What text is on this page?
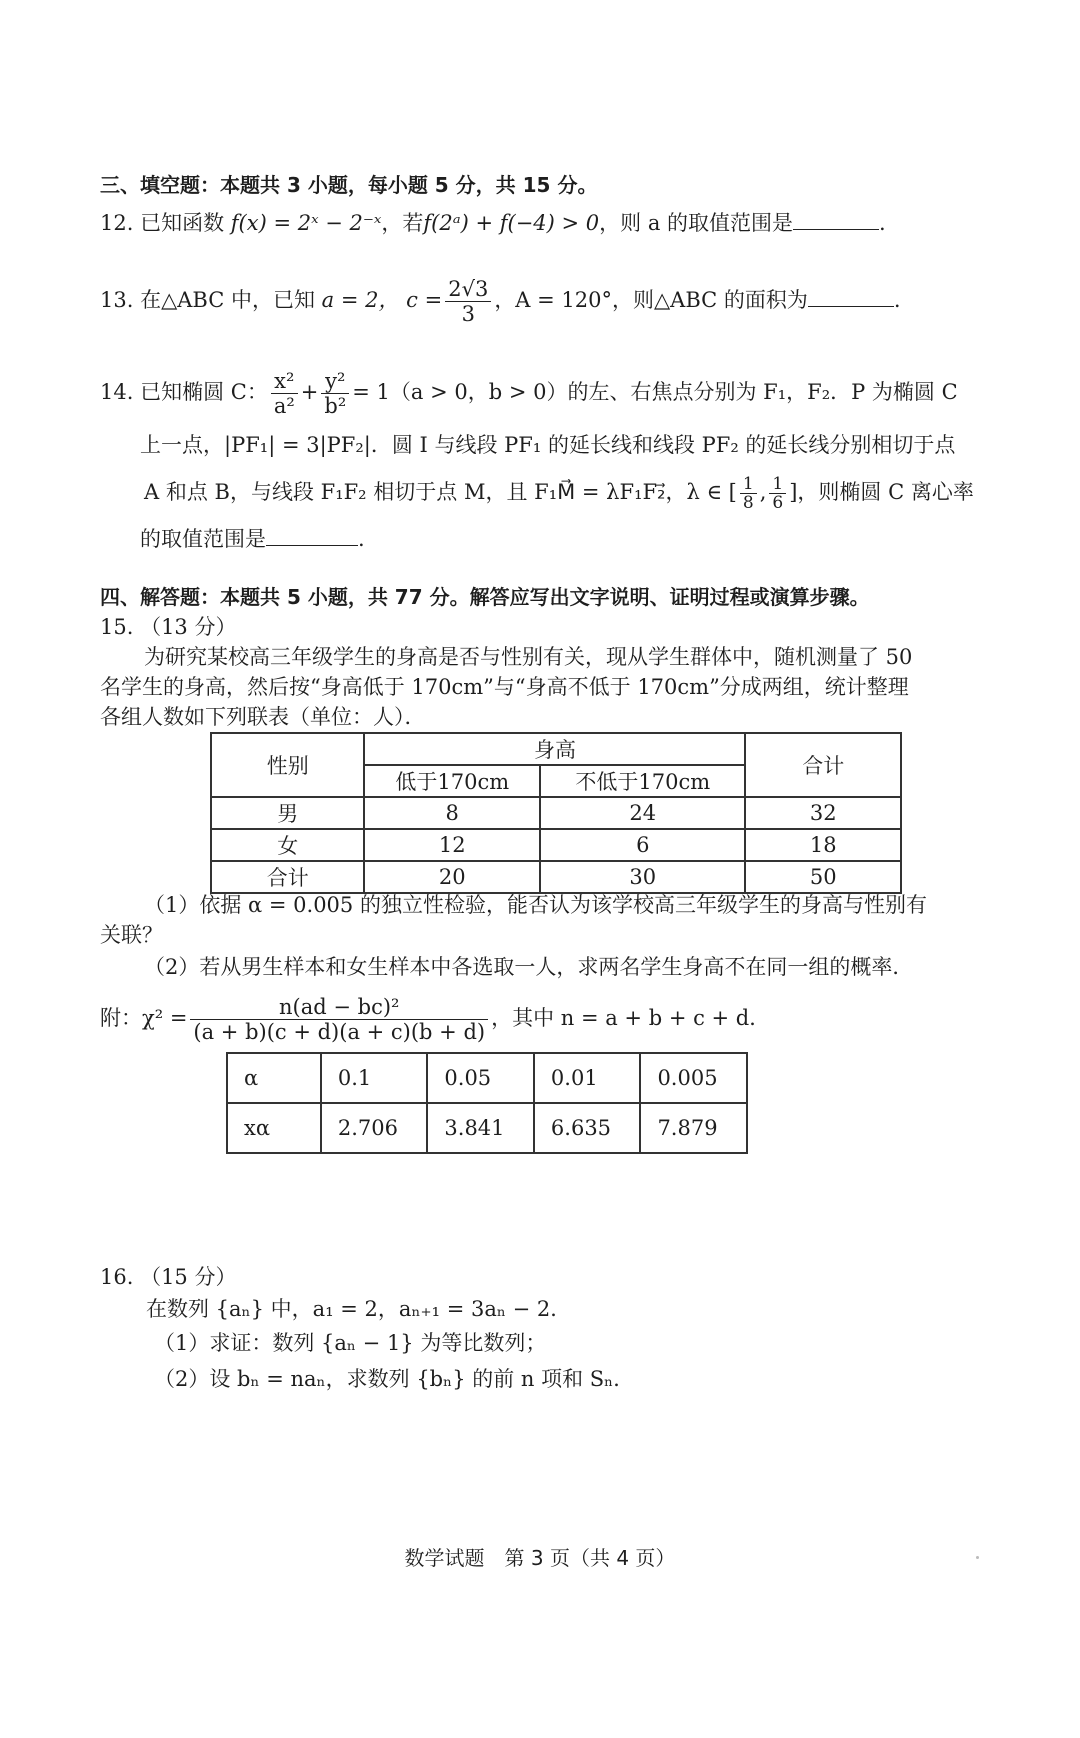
三、填空题：本题共 3 小题，每小题 5 分，共 15 分。
12. 已知函数 f(x) = 2ˣ − 2⁻ˣ，若f(2ᵃ) + f(−4) > 0，则 a 的取值范围是	.
13. 在△ABC 中，已知 a = 2， $c = \frac{2√3}{3}$ ，A = 120°，则△ABC 的面积为	.
14. 已知椭圆 C： $\frac{\text{x²}}{\text{a²}} + \frac{\text{y²}}{\text{b²}} = 1(a > 0$，b > 0）的左、右焦点分别为 F₁，F₂．P 为椭圆 C
上一点，|PF₁| = 3|PF₂|．圆 I 与线段 PF₁ 的延长线和线段 PF₂ 的延长线分别相切于点
A 和点 B，与线段 F₁F₂ 相切于点 M，且 F₁M⃗ = λF₁F₂⃗，λ ∈ [ $\frac{1}{8}$ , $\frac{1}{6}$ ]，则椭圆 C 离心率
的取值范围是	.
四、解答题：本题共 5 小题，共 77 分。解答应写出文字说明、证明过程或演算步骤。
15. （13 分）
为研究某校高三年级学生的身高是否与性别有关，现从学生群体中，随机测量了 50
名学生的身高，然后按“身高低于 170cm”与“身高不低于 170cm”分成两组，统计整理
各组人数如下列联表（单位：人）．
性别	身高		合计
	低于170cm	不低于170cm	
男	8	24	32
女	12	6	18
合计	20	30	50
（1）依据 α = 0.005 的独立性检验，能否认为该学校高三年级学生的身高与性别有
关联？
（2）若从男生样本和女生样本中各选取一人，求两名学生身高不在同一组的概率．
附：$\chi^2 = \frac{\text{n(ad − bc)²}}{(a + b)(c + d)(a + c)(b + d)}$ ，其中 n = a + b + c + d．
α	0.1	0.05	0.01	0.005
xα	2.706	3.841	6.635	7.879
16. （15 分）
在数列 {aₙ} 中，a₁ = 2，aₙ₊₁ = 3aₙ − 2．
（1）求证：数列 {aₙ − 1} 为等比数列；
（2）设 bₙ = naₙ，求数列 {bₙ} 的前 n 项和 Sₙ．
数学试题　第 3 页（共 4 页）
